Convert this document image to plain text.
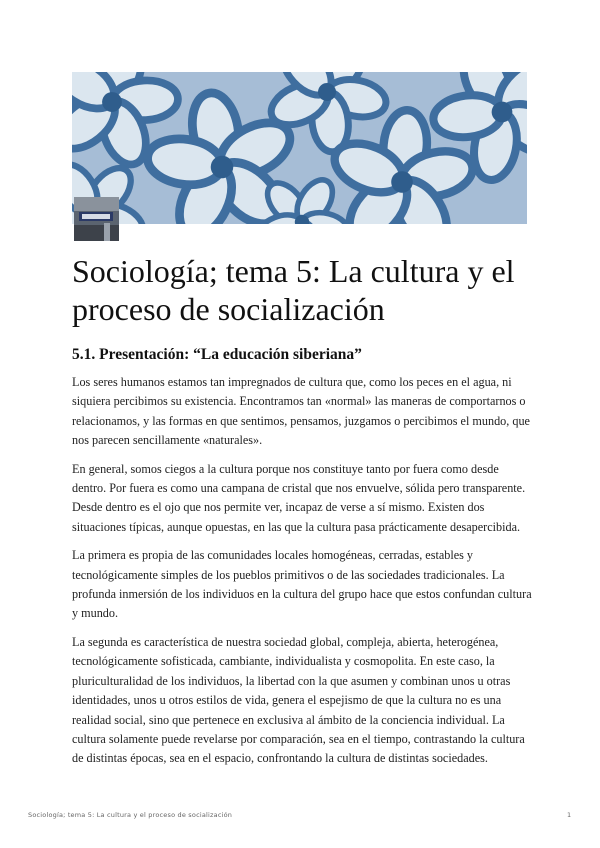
Sociología; tema 5: La cultura y el proceso de socialización
5.1. Presentación: “La educación siberiana”

Los seres humanos estamos tan impregnados de cultura que, como los peces en el agua, ni siquiera percibimos su existencia. Encontramos tan «normal» las maneras de comportarnos o relacionamos, y las formas en que sentimos, pensamos, juzgamos o percibimos el mundo, que nos parecen sencillamente «naturales».

En general, somos ciegos a la cultura porque nos constituye tanto por fuera como desde dentro. Por fuera es como una campana de cristal que nos envuelve, sólida pero transparente. Desde dentro es el ojo que nos permite ver, incapaz de verse a sí mismo. Existen dos situaciones típicas, aunque opuestas, en las que la cultura pasa prácticamente desapercibida.

La primera es propia de las comunidades locales homogéneas, cerradas, estables y tecnológicamente simples de los pueblos primitivos o de las sociedades tradicionales. La profunda inmersión de los individuos en la cultura del grupo hace que estos confundan cultura y mundo.

La segunda es característica de nuestra sociedad global, compleja, abierta, heterogénea, tecnológicamente sofisticada, cambiante, individualista y cosmopolita. En este caso, la pluriculturalidad de los individuos, la libertad con la que asumen y combinan unos u otras identidades, unos u otros estilos de vida, genera el espejismo de que la cultura no es una realidad social, sino que pertenece en exclusiva al ámbito de la conciencia individual. La cultura solamente puede revelarse por comparación, sea en el tiempo, contrastando la cultura de distintas épocas, sea en el espacio, confrontando la cultura de distintas sociedades.

Sociología; tema 5: La cultura y el proceso de socialización	1
